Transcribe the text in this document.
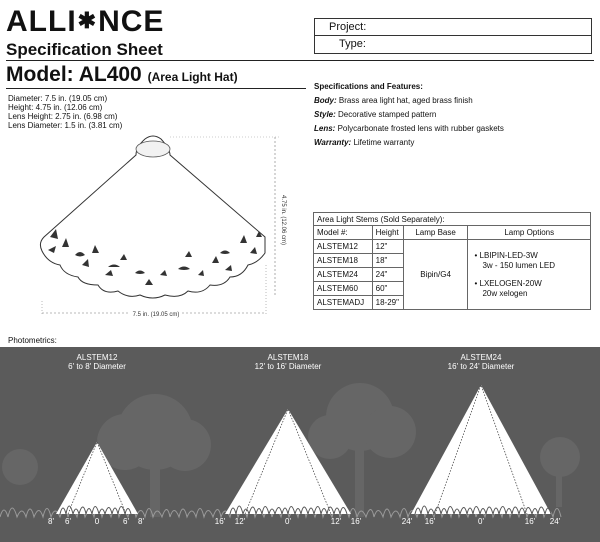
ALLI✱NCE
Specification Sheet
Project:
Type:
Model: AL400 (Area Light Hat)
Diameter: 7.5 in. (19.05 cm)
Height: 4.75 in. (12.06 cm)
Lens Height: 2.75 in. (6.98 cm)
Lens Diameter: 1.5 in. (3.81 cm)
7.5 in. (19.05 cm)
4.75 in. (12.06 cm)
Specifications and Features:
Body: Brass area light hat, aged brass finish
Style: Decorative stamped pattern
Lens: Polycarbonate frosted lens with rubber gaskets
Warranty: Lifetime warranty
Area Light Stems (Sold Separately):			
Model #:	Height	Lamp Base	Lamp Options
ALSTEM12	12"	Bipin/G4	• LBIPIN-LED-3W
3w - 150 lumen LED
• LXELOGEN-20W
20w xelogen

ALSTEM18	18"		
ALSTEM24	24"		
ALSTEM60	60"		
ALSTEMADJ	18-29"		
Photometrics:
ALSTEM12
6' to 8' Diameter
ALSTEM18
12' to 16' Diameter
ALSTEM24
16' to 24' Diameter
8'	6'	0	6'	8'	16'	12'	0'	12'	16'	24'	16'	0'	16'	24'
